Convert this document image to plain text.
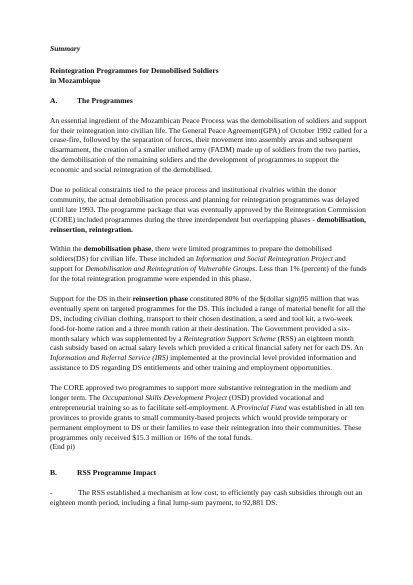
Summary
Reintegration Programmes for Demobilised Soldiers
in Mozambique
A.	The Programmes

An essential ingredient of the Mozambican Peace Process was the demobilisation of soldiers and support for their reintegration into civilian life. The General Peace Agreement(GPA) of October 1992 called for a cease-fire, followed by the separation of forces, their movement into assembly areas and subsequent disarmament, the creation of a smaller unified army (FADM) made up of soldiers from the two parties, the demobilisation of the remaining soldiers and the development of programmes to support the economic and social reintegration of the demobilised.

Due to political constraints tied to the peace process and institutional rivalries within the donor community, the actual demobilisation process and planning for reintegration programmes was delayed until late 1993. The programme package that was eventually approved by the Reintegration Commission (CORE) included programmes during the three interdependent but overlapping phases - demobilisation, reinsertion, reintegration.

Within the demobilisation phase, there were limited programmes to prepare the demobilised soldiers(DS) for civilian life. These included an Information and Social Reintegration Project and support for Demobilisation and Reintegration of Vulnerable Groups. Less than 1% (percent) of the funds for the total reintegration programme were expended in this phase.

Support for the DS in their reinsertion phase constituted 80% of the $(dollar sign)95 million that was eventually spent on targeted programmes for the DS. This included a range of material benefit for all the DS, including civilian clothing, transport to their chosen destination, a seed and tool kit, a two-week food-for-home ration and a three month ration at their destination. The Government provided a six-month salary which was supplemented by a Reintegration Support Scheme (RSS) an eighteen month cash subsidy based on actual salary levels which provided a critical financial safety net for each DS. An Information and Referral Service (IRS) implemented at the provincial level provided information and assistance to DS regarding DS entitlements and other training and employment opportunities.

The CORE approved two programmes to support more substantive reintegration in the medium and longer term. The Occupational Skills Development Project (OSD) provided vocational and entrepreneurial training so as to facilitate self-employment. A Provincial Fund was established in all ten provinces to provide grants to small community-based projects which would provide temporary or permanent employment to DS or their families to ease their reintegration into their communities. These programmes only received $15.3 million or 16% of the total funds.
(End pi)

B.	RSS Programme Impact

-	The RSS established a mechanism at low cost, to efficiently pay cash subsidies through out an eighteen month period, including a final lump-sum payment, to 92,881 DS.
